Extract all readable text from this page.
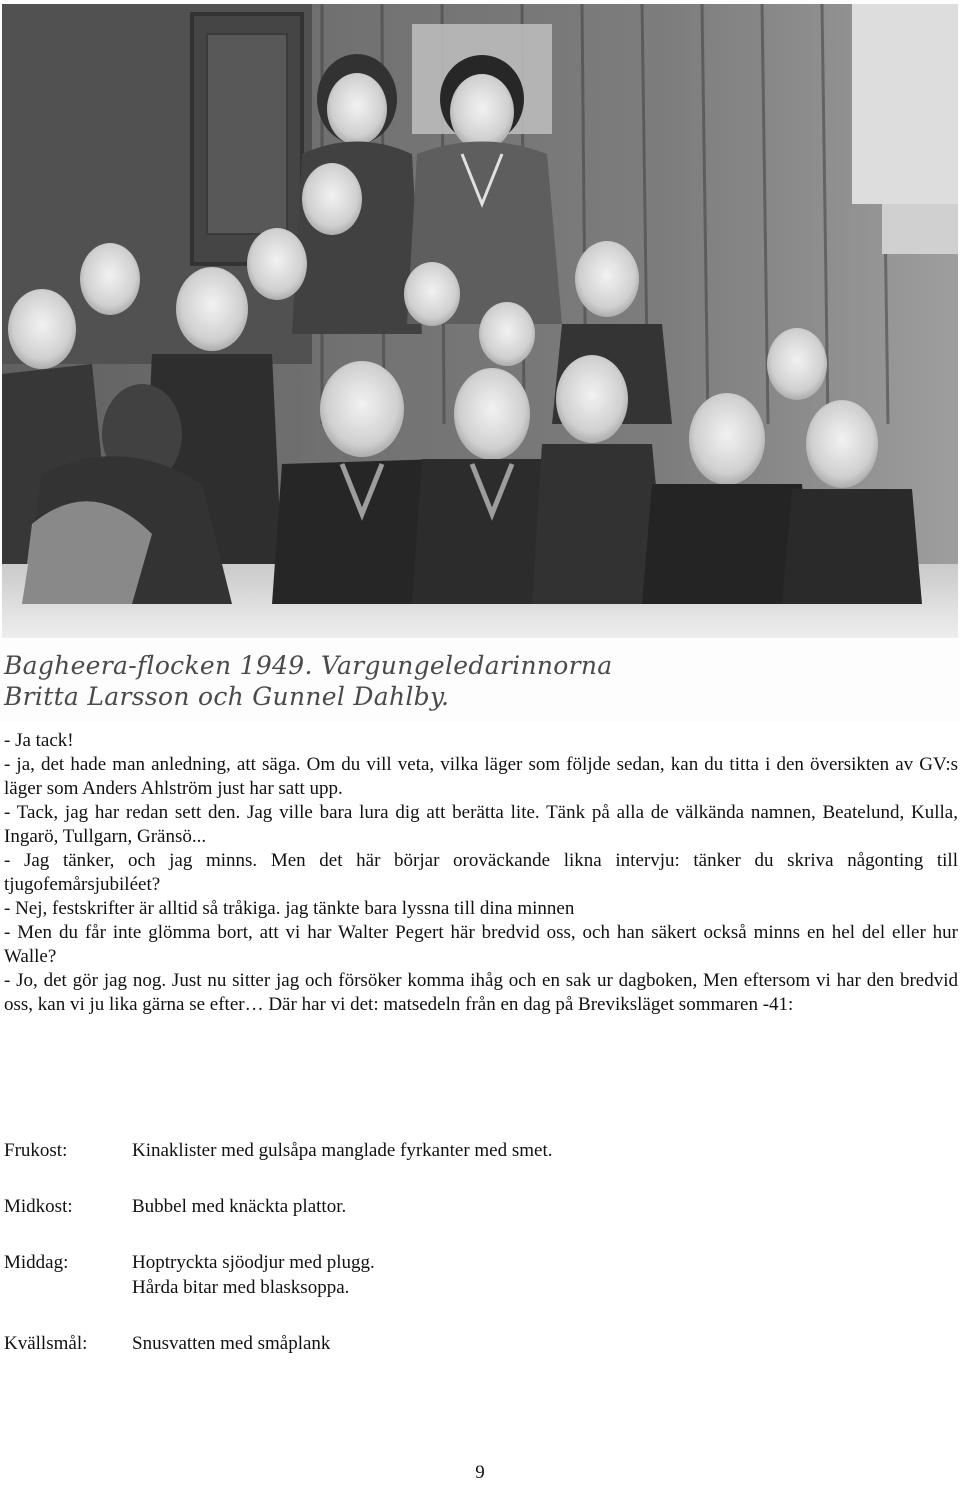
Bagheera-flocken 1949. Vargungeledarinnorna
Britta Larsson och Gunnel Dahlby.

- Ja tack!

- ja, det hade man anledning, att säga. Om du vill veta, vilka läger som följde sedan, kan du titta i den översikten av GV:s läger som Anders Ahlström just har satt upp.

- Tack, jag har redan sett den. Jag ville bara lura dig att berätta lite. Tänk på alla de välkända namnen, Beatelund, Kulla, Ingarö, Tullgarn, Gränsö...

- Jag tänker, och jag minns. Men det här börjar oroväckande likna intervju: tänker du skriva någonting till tjugofemårsjubiléet?

- Nej, festskrifter är alltid så tråkiga. jag tänkte bara lyssna till dina minnen

- Men du får inte glömma bort, att vi har Walter Pegert här bredvid oss, och han säkert också minns en hel del eller hur Walle?

- Jo, det gör jag nog. Just nu sitter jag och försöker komma ihåg och en sak ur dagboken, Men eftersom vi har den bredvid oss, kan vi ju lika gärna se efter… Där har vi det: matsedeln från en dag på Breviksläget sommaren -41:

Frukost:	Kinaklister med gulsåpa manglade fyrkanter med smet.
Midkost:	Bubbel med knäckta plattor.
Middag:	Hoptryckta sjöodjur med plugg.
Hårda bitar med blasksoppa.
Kvällsmål:	Snusvatten med småplank
9
